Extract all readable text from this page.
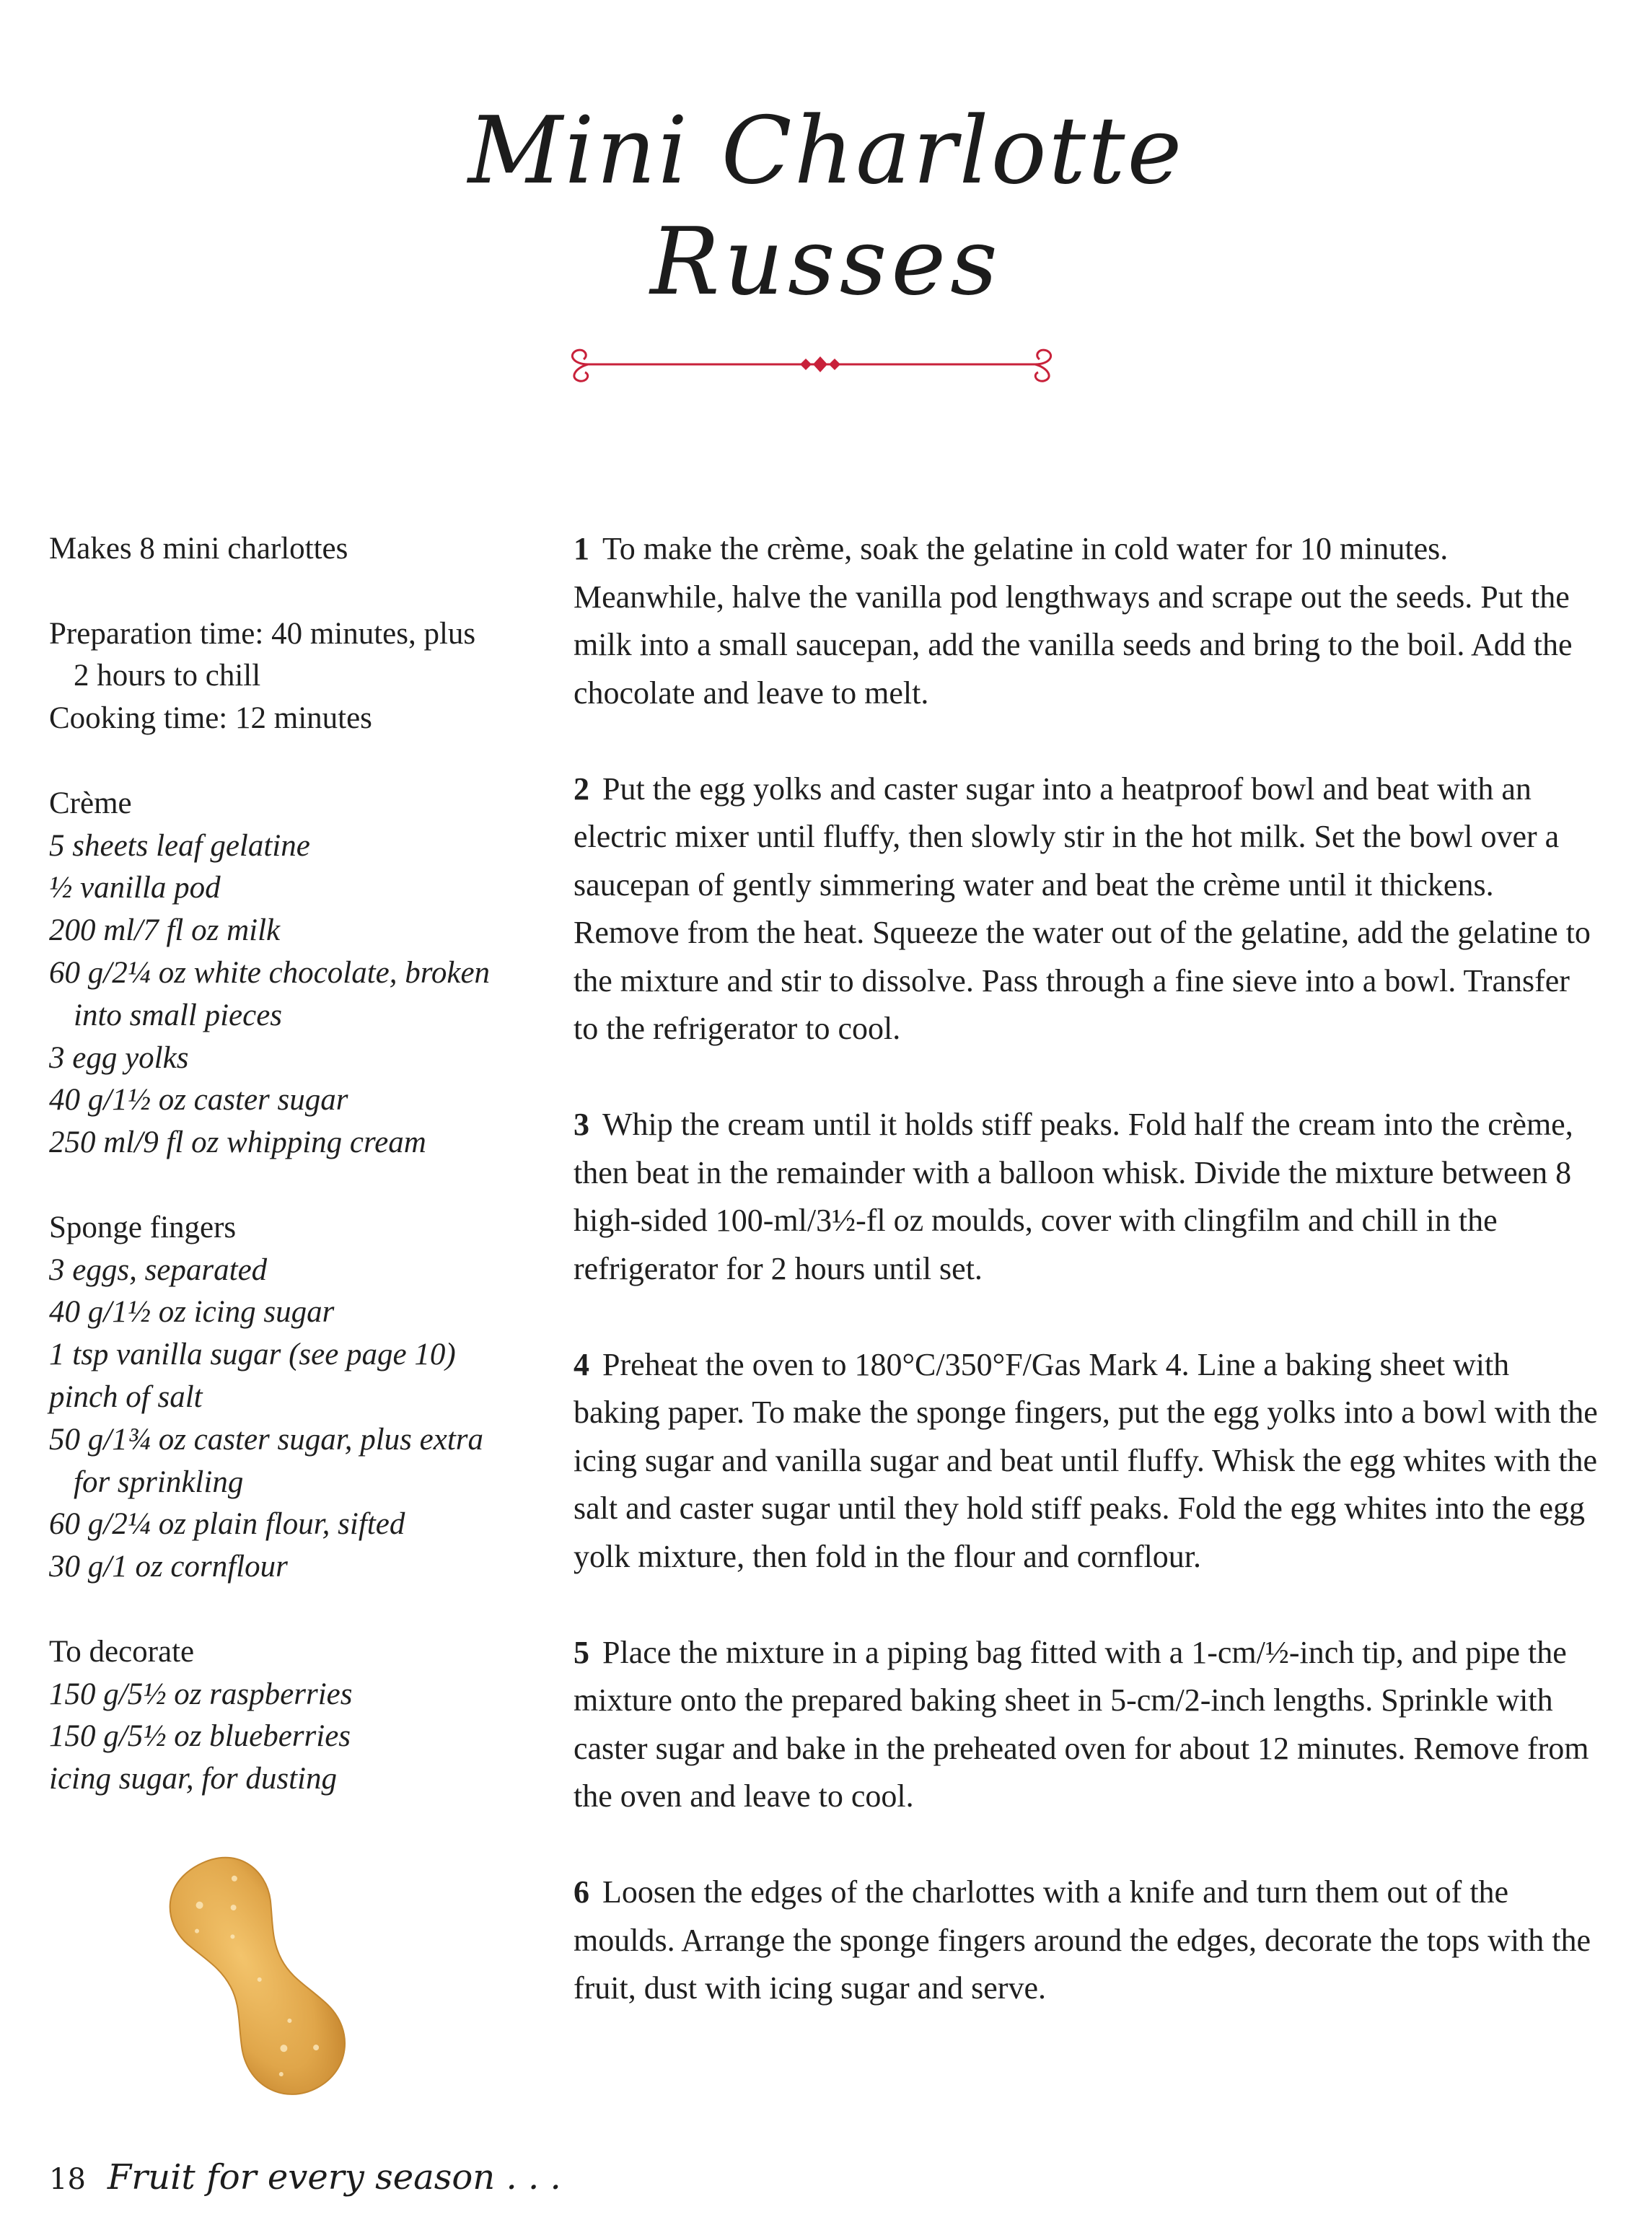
Mini Charlotte
Russes

Makes 8 mini charlottes

Preparation time: 40 minutes, plus

2 hours to chill

Cooking time: 12 minutes

Crème

5 sheets leaf gelatine

½ vanilla pod

200 ml/7 fl oz milk

60 g/2¼ oz white chocolate, broken

into small pieces

3 egg yolks

40 g/1½ oz caster sugar

250 ml/9 fl oz whipping cream

Sponge fingers

3 eggs, separated

40 g/1½ oz icing sugar

1 tsp vanilla sugar (see page 10)

pinch of salt

50 g/1¾ oz caster sugar, plus extra

for sprinkling

60 g/2¼ oz plain flour, sifted

30 g/1 oz cornflour

To decorate

150 g/5½ oz raspberries

150 g/5½ oz blueberries

icing sugar, for dusting

1 To make the crème, soak the gelatine in cold water for 10 minutes. Meanwhile, halve the vanilla pod lengthways and scrape out the seeds. Put the milk into a small saucepan, add the vanilla seeds and bring to the boil. Add the chocolate and leave to melt.

2 Put the egg yolks and caster sugar into a heatproof bowl and beat with an electric mixer until fluffy, then slowly stir in the hot milk. Set the bowl over a saucepan of gently simmering water and beat the crème until it thickens. Remove from the heat. Squeeze the water out of the gelatine, add the gelatine to the mixture and stir to dissolve. Pass through a fine sieve into a bowl. Transfer to the refrigerator to cool.

3 Whip the cream until it holds stiff peaks. Fold half the cream into the crème, then beat in the remainder with a balloon whisk. Divide the mixture between 8 high-sided 100-ml/3½-fl oz moulds, cover with clingfilm and chill in the refrigerator for 2 hours until set.

4 Preheat the oven to 180°C/350°F/Gas Mark 4. Line a baking sheet with baking paper. To make the sponge fingers, put the egg yolks into a bowl with the icing sugar and vanilla sugar and beat until fluffy. Whisk the egg whites with the salt and caster sugar until they hold stiff peaks. Fold the egg whites into the egg yolk mixture, then fold in the flour and cornflour.

5 Place the mixture in a piping bag fitted with a 1-cm/½-inch tip, and pipe the mixture onto the prepared baking sheet in 5-cm/2-inch lengths. Sprinkle with caster sugar and bake in the preheated oven for about 12 minutes. Remove from the oven and leave to cool.

6 Loosen the edges of the charlottes with a knife and turn them out of the moulds. Arrange the sponge fingers around the edges, decorate the tops with the fruit, dust with icing sugar and serve.

18 Fruit for every season . . .
